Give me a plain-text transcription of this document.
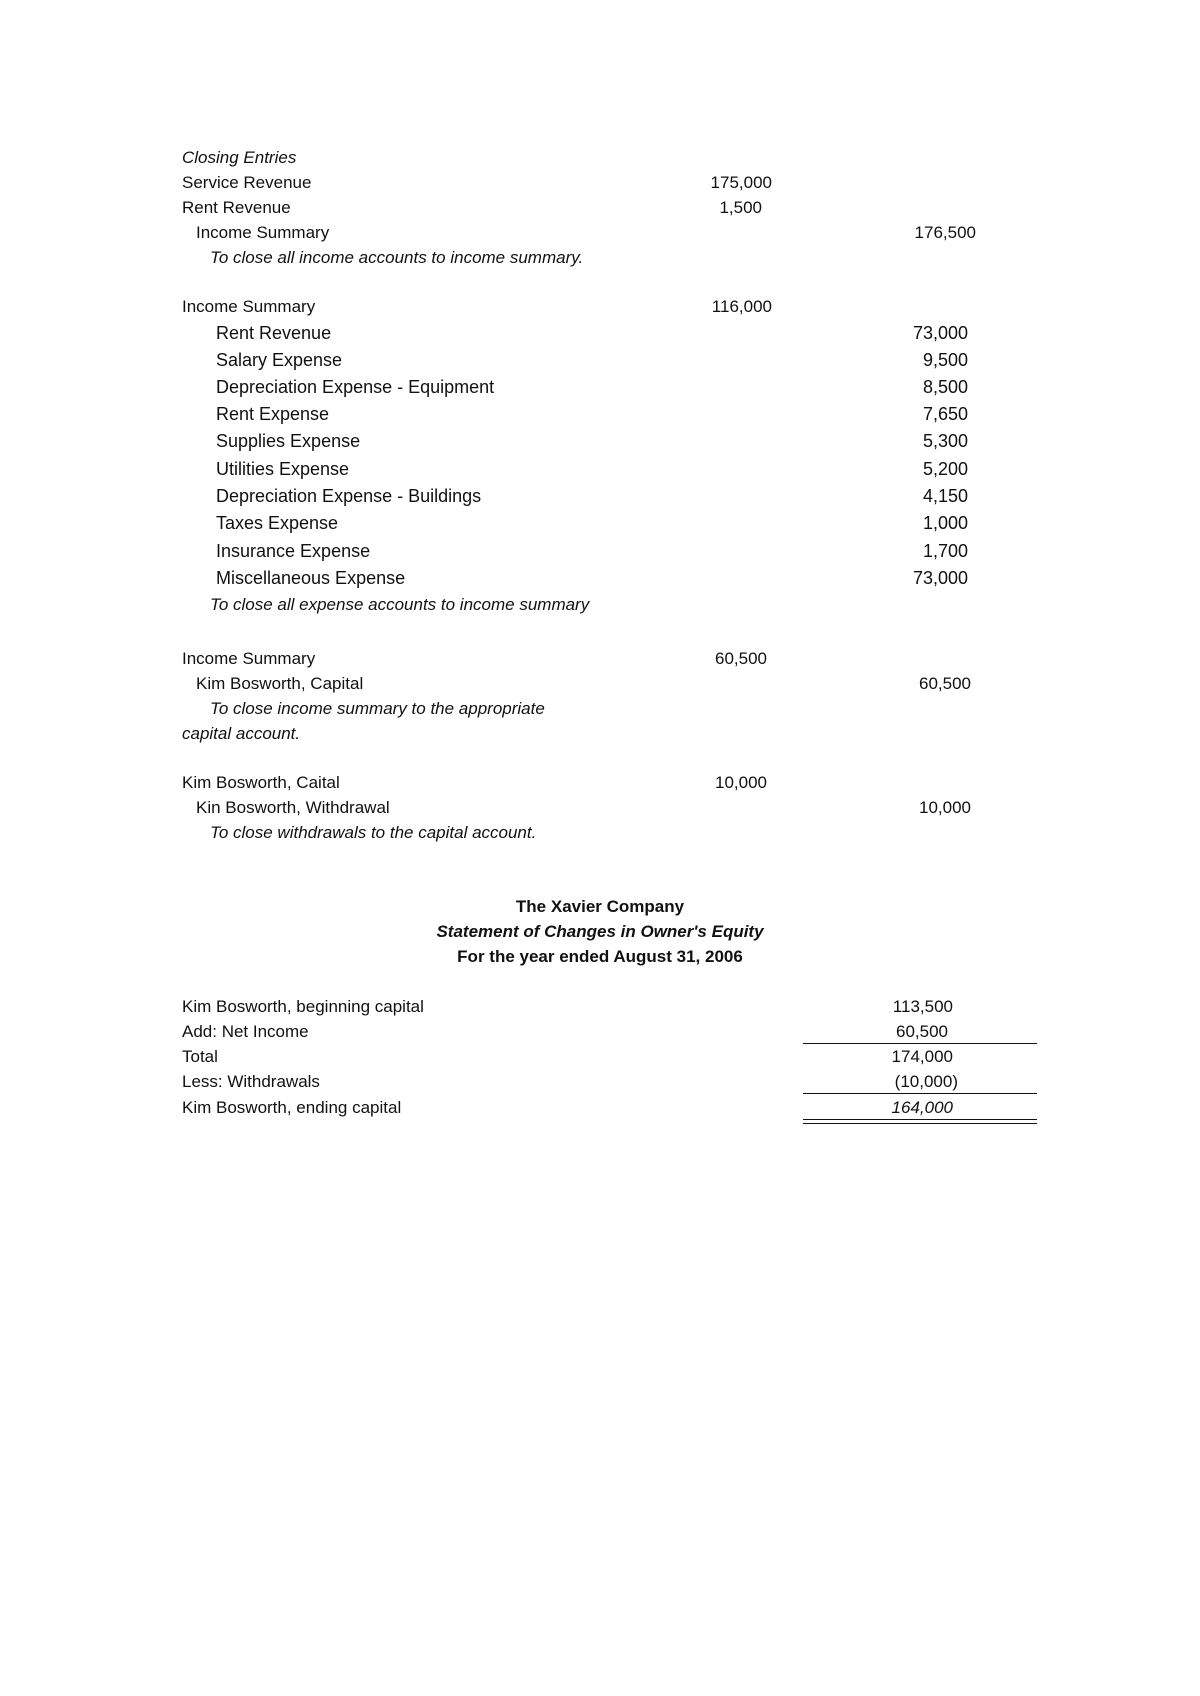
Closing Entries
Service Revenue	175,000
Rent Revenue	1,500
Income Summary	176,500
To close all income accounts to income summary.
Income Summary	116,000
Rent Revenue	73,000
Salary Expense	9,500
Depreciation Expense - Equipment	8,500
Rent Expense	7,650
Supplies Expense	5,300
Utilities Expense	5,200
Depreciation Expense - Buildings	4,150
Taxes Expense	1,000
Insurance Expense	1,700
Miscellaneous Expense	73,000
To close all expense accounts to income summary
Income Summary	60,500
Kim Bosworth, Capital	60,500
To close income summary to the appropriate
capital account.
Kim Bosworth, Caital	10,000
Kin Bosworth, Withdrawal	10,000
To close withdrawals to the capital account.
The Xavier Company
Statement of Changes in Owner's Equity
For the year ended August 31, 2006
Kim Bosworth, beginning capital	113,500
Add: Net Income	60,500
Total	174,000
Less: Withdrawals	(10,000)
Kim Bosworth, ending capital	164,000
